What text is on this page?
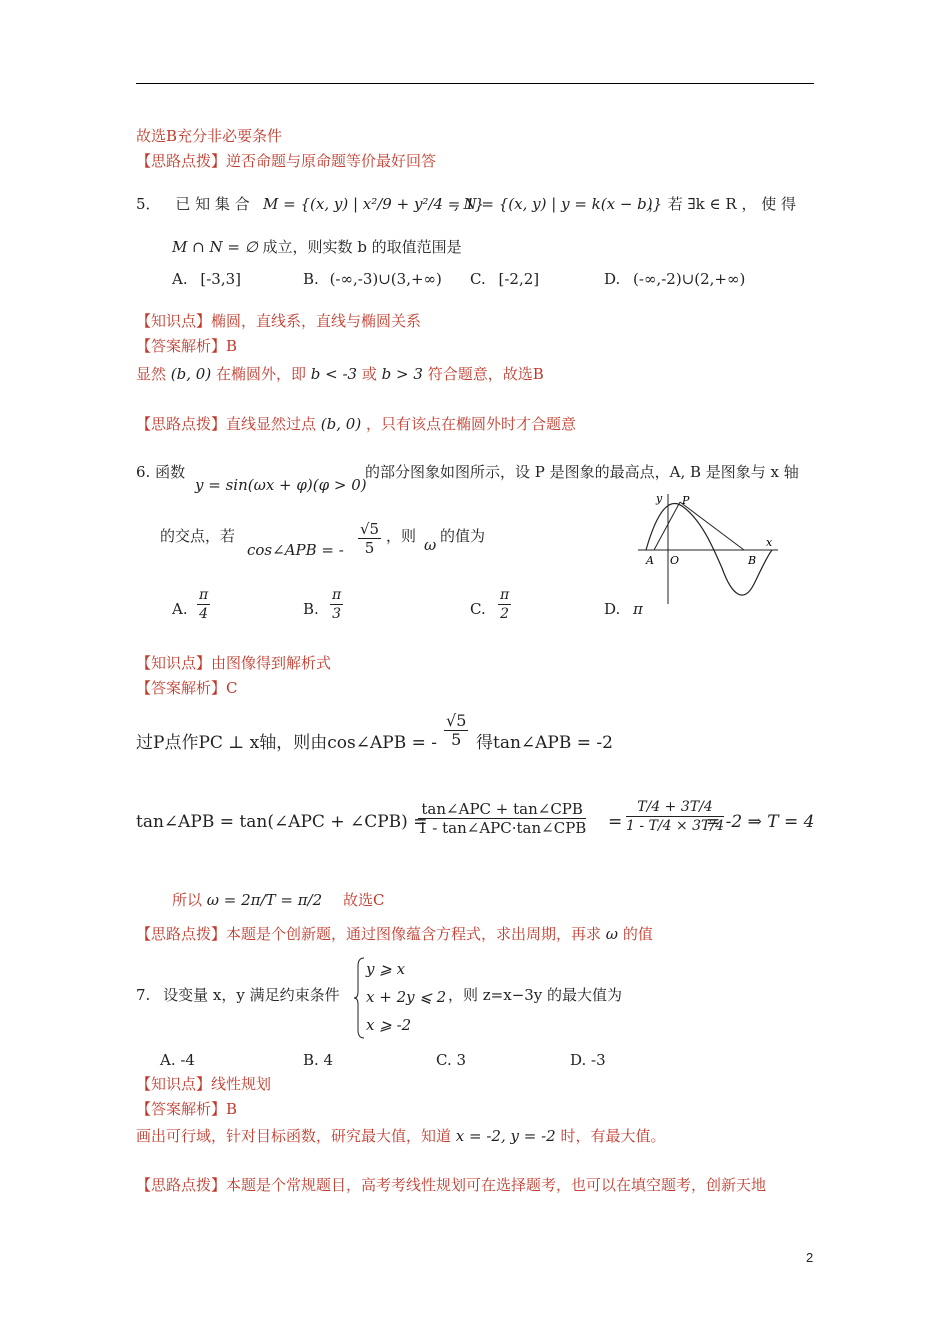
故选B充分非必要条件
【思路点拨】逆否命题与原命题等价最好回答
5． 已 知 集 合 M = {(x, y) | x²/9 + y²/4 = 1}
, N = {(x, y) | y = k(x − b)}
， 若 ∃k ∈ R ， 使 得
M ∩ N = ∅ 成立，则实数 b 的取值范围是
A. [-3,3]	B. (-∞,-3)∪(3,+∞) C. [-2,2]	D. (-∞,-2)∪(2,+∞)
【知识点】椭圆，直线系，直线与椭圆关系
【答案解析】B
显然 (b, 0) 在椭圆外，即 b < -3 或 b > 3 符合题意，故选B
【思路点拨】直线显然过点 (b, 0) ，只有该点在椭圆外时才合题意
6. 函数
y = sin(ωx + φ)(φ > 0)
的部分图象如图所示，设 P 是图象的最高点，A, B 是图象与 x 轴
的交点，若
cos∠APB = - $\frac{√5}{5}$ ，则 ω 的值为
y P
x
A O	B
A. $\frac{\pi}{4}$	B. $\frac{\pi}{3}$	C. $\frac{\pi}{2}$	D. π
【知识点】由图像得到解析式
【答案解析】C
过P点作PC ⊥ x轴，则由cos∠APB = - $\frac{√5}{5}$ 得tan∠APB = -2
tan∠APB = tan(∠APC + ∠CPB) =
tan∠APC + tan∠CPB
1 - tan∠APC·tan∠CPB = $\frac{T/4 + 3T/4}{1 - T/4 \times 3T/4}$
= -2 ⇒ T = 4
所以 ω = 2π/T = π/2 故选C
【思路点拨】本题是个创新题，通过图像蕴含方程式，求出周期，再求 ω 的值
7. 设变量 x，y 满足约束条件
y ⩾ x
x + 2y ⩽ 2
x ⩾ -2
，则 z=x−3y 的最大值为
A. -4	B. 4	C. 3	D. -3
【知识点】线性规划
【答案解析】B
画出可行域，针对目标函数，研究最大值，知道 x = -2, y = -2 时，有最大值。
【思路点拨】本题是个常规题目，高考考线性规划可在选择题考，也可以在填空题考，创新天地
2
